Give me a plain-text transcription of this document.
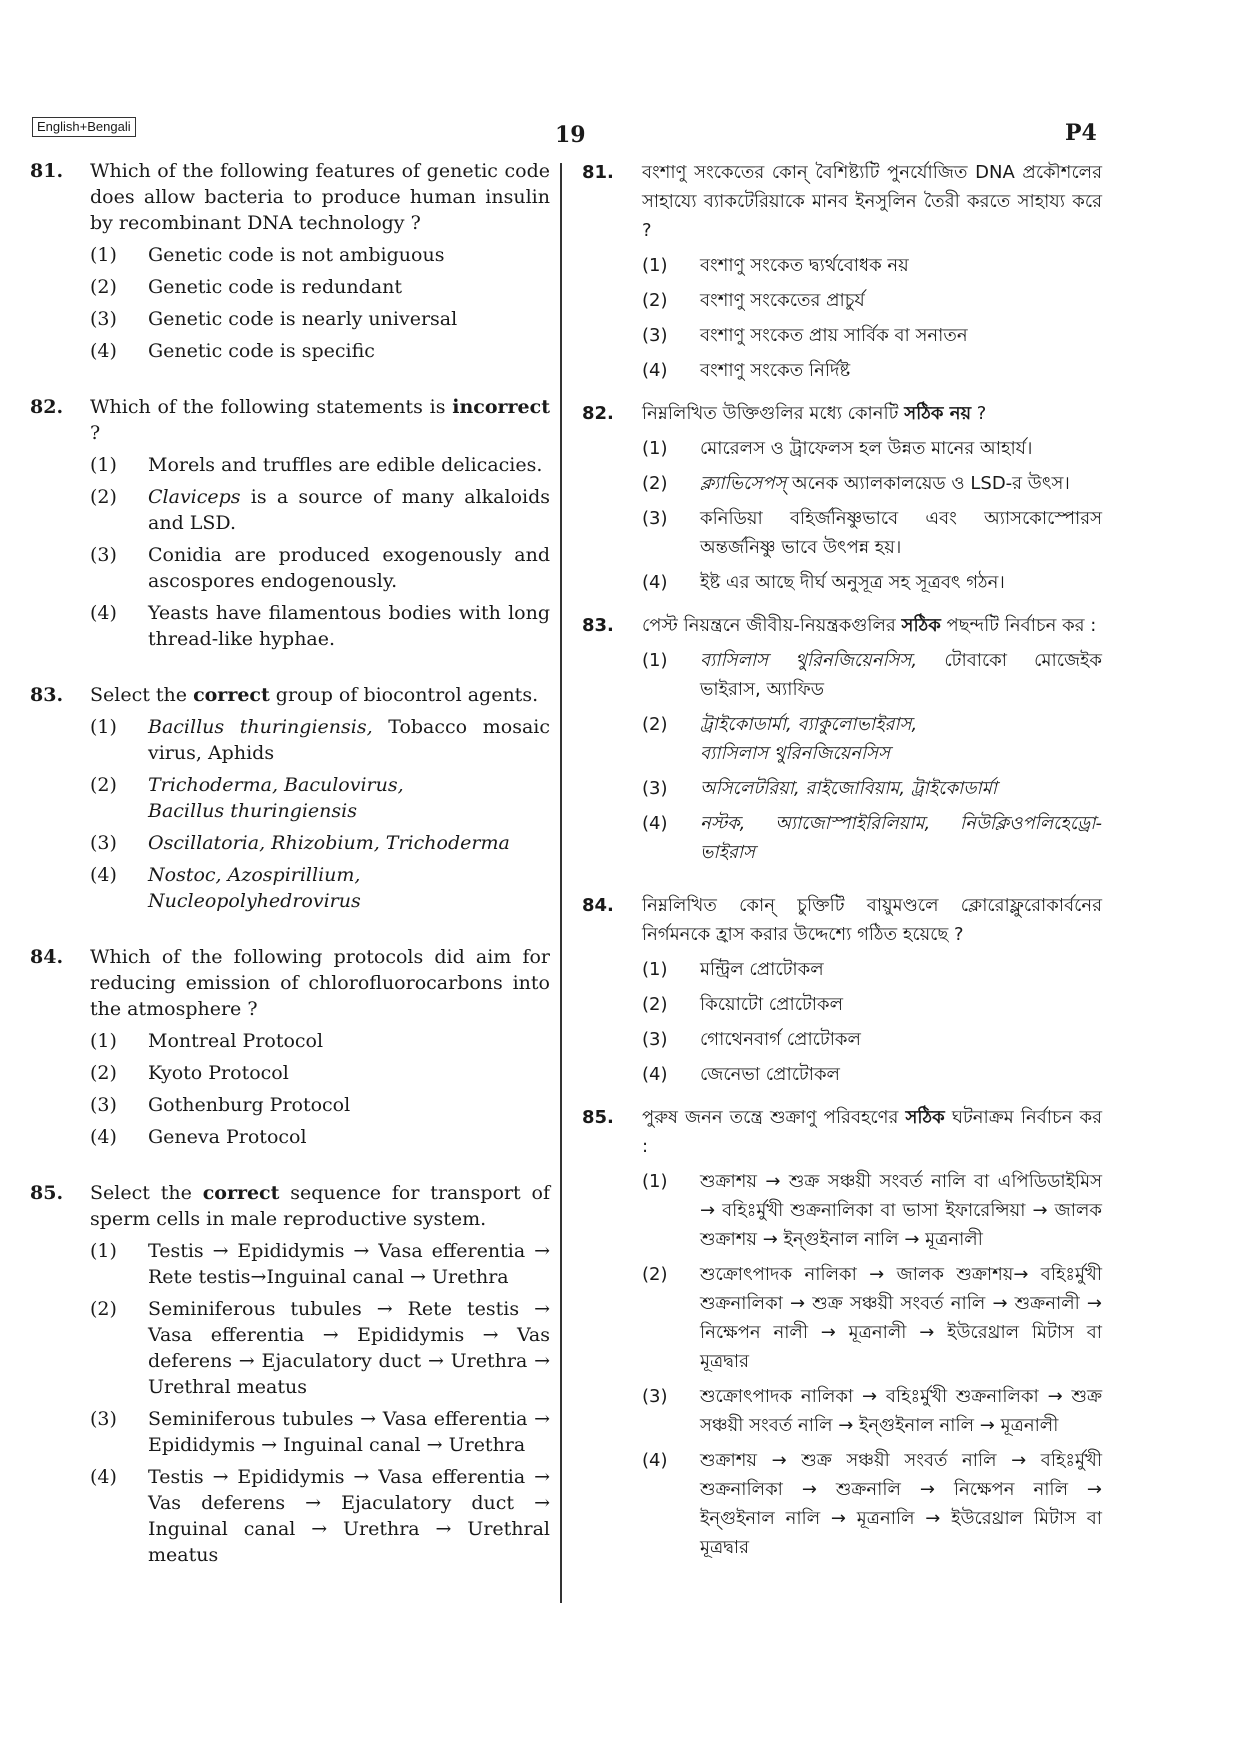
English+Bengali	19	P4
81.	Which of the following features of genetic code does allow bacteria to produce human insulin by recombinant DNA technology ?
(1)	Genetic code is not ambiguous
(2)	Genetic code is redundant
(3)	Genetic code is nearly universal
(4)	Genetic code is specific
82.	Which of the following statements is incorrect ?
(1)	Morels and truffles are edible delicacies.
(2)	Claviceps is a source of many alkaloids and LSD.
(3)	Conidia are produced exogenously and ascospores endogenously.
(4)	Yeasts have filamentous bodies with long thread-like hyphae.
83.	Select the correct group of biocontrol agents.
(1)	Bacillus thuringiensis, Tobacco mosaic virus, Aphids
(2)	Trichoderma, Baculovirus,
Bacillus thuringiensis
(3)	Oscillatoria, Rhizobium, Trichoderma
(4)	Nostoc, Azospirillium,
Nucleopolyhedrovirus
84.	Which of the following protocols did aim for reducing emission of chlorofluorocarbons into the atmosphere ?
(1)	Montreal Protocol
(2)	Kyoto Protocol
(3)	Gothenburg Protocol
(4)	Geneva Protocol
85.	Select the correct sequence for transport of sperm cells in male reproductive system.
(1)	Testis → Epididymis → Vasa efferentia → Rete testis→Inguinal canal → Urethra
(2)	Seminiferous tubules → Rete testis → Vasa efferentia → Epididymis → Vas deferens → Ejaculatory duct → Urethra → Urethral meatus
(3)	Seminiferous tubules → Vasa efferentia → Epididymis → Inguinal canal → Urethra
(4)	Testis → Epididymis → Vasa efferentia → Vas deferens → Ejaculatory duct → Inguinal canal → Urethra → Urethral meatus
81.	বংশাণু সংকেতের কোন্ বৈশিষ্ট্যটি পুনর্যোজিত DNA প্রকৌশলের সাহায্যে ব্যাকটেরিয়াকে মানব ইনসুলিন তৈরী করতে সাহায্য করে ?
(1)	বংশাণু সংকেত দ্ব্যর্থবোধক নয়
(2)	বংশাণু সংকেতের প্রাচুর্য
(3)	বংশাণু সংকেত প্রায় সার্বিক বা সনাতন
(4)	বংশাণু সংকেত নির্দিষ্ট
82.	নিম্নলিখিত উক্তিগুলির মধ্যে কোনটি সঠিক নয় ?
(1)	মোরেলস ও ট্রাফেলস হল উন্নত মানের আহার্য।
(2)	ক্ল্যাভিসেপস্ অনেক অ্যালকালয়েড ও LSD-র উৎস।
(3)	কনিডিয়া বহির্জনিষ্ণুভাবে এবং অ্যাসকোস্পোরস অন্তর্জনিষ্ণু ভাবে উৎপন্ন হয়।
(4)	ইষ্ট এর আছে দীর্ঘ অনুসূত্র সহ সূত্রবৎ গঠন।
83.	পেস্ট নিয়ন্ত্রনে জীবীয়-নিয়ন্ত্রকগুলির সঠিক পছন্দটি নির্বাচন কর :
(1)	ব্যাসিলাস থুরিনজিয়েনসিস, টোবাকো মোজেইক ভাইরাস, অ্যাফিড
(2)	ট্রাইকোডার্মা, ব্যাকুলোভাইরাস,
ব্যাসিলাস থুরিনজিয়েনসিস
(3)	অসিলেটরিয়া, রাইজোবিয়াম, ট্রাইকোডার্মা
(4)	নস্টক, অ্যাজোস্পাইরিলিয়াম, নিউক্লিওপলিহেড্রো-ভাইরাস
84.	নিম্নলিখিত কোন্ চুক্তিটি বায়ুমণ্ডলে ক্লোরোফ্লুরোকার্বনের নির্গমনকে হ্রাস করার উদ্দেশ্যে গঠিত হয়েছে ?
(1)	মন্ট্রিল প্রোটোকল
(2)	কিয়োটো প্রোটোকল
(3)	গোথেনবার্গ প্রোটোকল
(4)	জেনেভা প্রোটোকল
85.	পুরুষ জনন তন্ত্রে শুক্রাণু পরিবহণের সঠিক ঘটনাক্রম নির্বাচন কর :
(1)	শুক্রাশয় → শুক্র সঞ্চয়ী সংবর্ত নালি বা এপিডিডাইমিস → বহিঃর্মুখী শুক্রনালিকা বা ভাসা ইফারেন্সিয়া → জালক শুক্রাশয় → ইন্‌গুইনাল নালি → মূত্রনালী
(2)	শুক্রোৎপাদক নালিকা → জালক শুক্রাশয়→ বহিঃর্মুখী শুক্রনালিকা → শুক্র সঞ্চয়ী সংবর্ত নালি → শুক্রনালী → নিক্ষেপন নালী → মূত্রনালী → ইউরেথ্রাল মিটাস বা মূত্রদ্বার
(3)	শুক্রোৎপাদক নালিকা → বহিঃর্মুখী শুক্রনালিকা → শুক্র সঞ্চয়ী সংবর্ত নালি → ইন্‌গুইনাল নালি → মূত্রনালী
(4)	শুক্রাশয় → শুক্র সঞ্চয়ী সংবর্ত নালি → বহিঃর্মুখী শুক্রনালিকা → শুক্রনালি → নিক্ষেপন নালি → ইন্‌গুইনাল নালি → মূত্রনালি → ইউরেথ্রাল মিটাস বা মূত্রদ্বার
